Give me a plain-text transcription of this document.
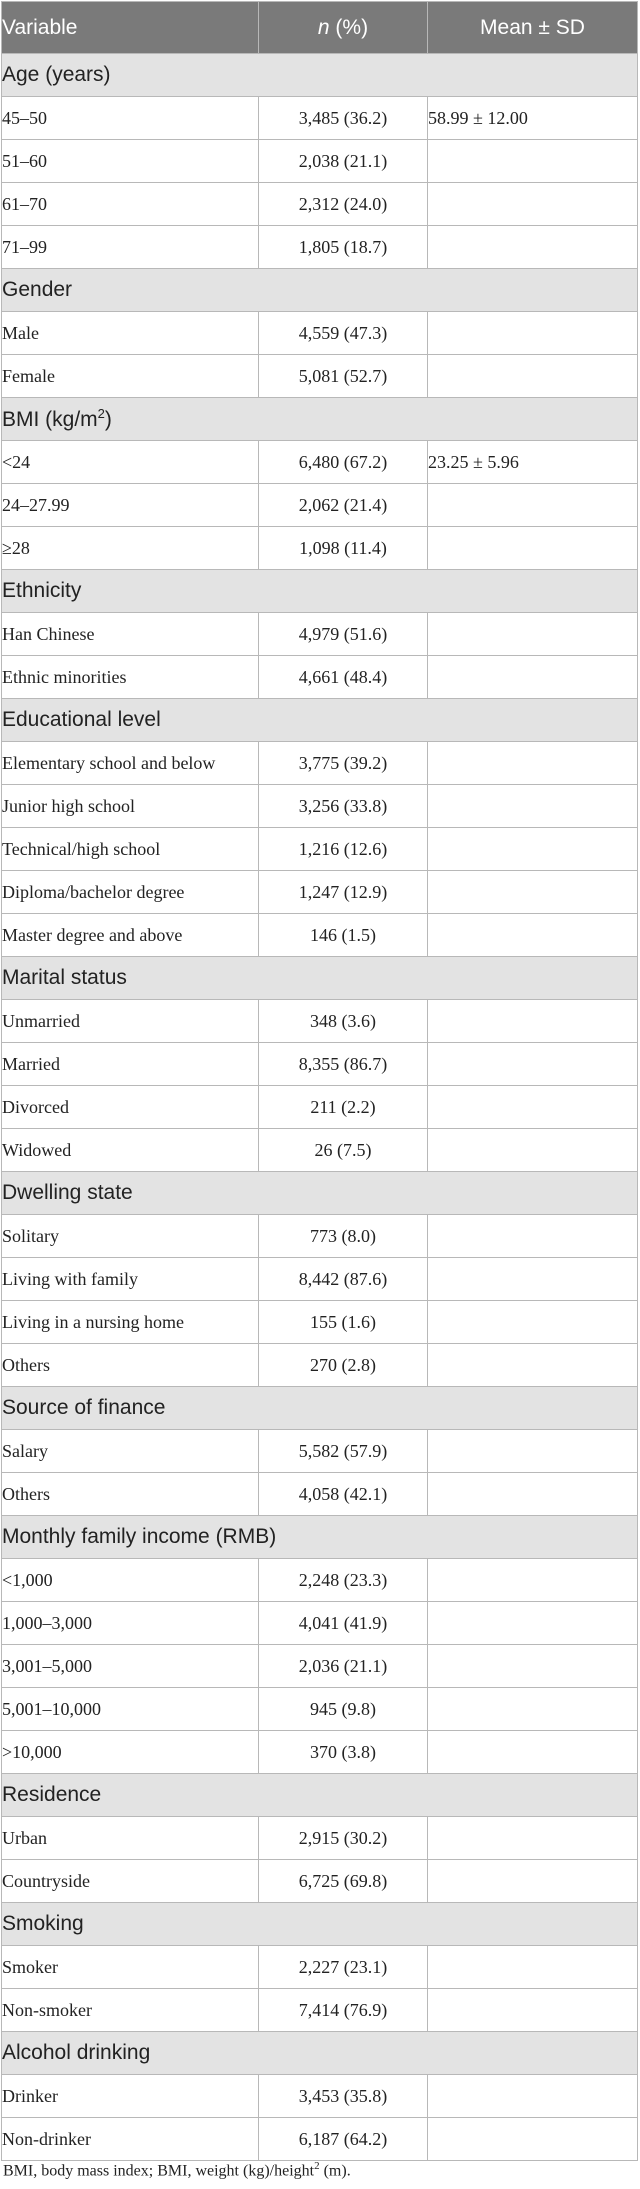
Variable	n (%)	Mean ± SD
Age (years)		
45–50	3,485 (36.2)	58.99 ± 12.00
51–60	2,038 (21.1)	
61–70	2,312 (24.0)	
71–99	1,805 (18.7)	
Gender		
Male	4,559 (47.3)	
Female	5,081 (52.7)	
BMI $(kg/m^2)$		
<24	6,480 (67.2)	23.25 ± 5.96
24–27.99	2,062 (21.4)	
≥28	1,098 (11.4)	
Ethnicity		
Han Chinese	4,979 (51.6)	
Ethnic minorities	4,661 (48.4)	
Educational level		
Elementary school and below	3,775 (39.2)	
Junior high school	3,256 (33.8)	
Technical/high school	1,216 (12.6)	
Diploma/bachelor degree	1,247 (12.9)	
Master degree and above	146 (1.5)	
Marital status		
Unmarried	348 (3.6)	
Married	8,355 (86.7)	
Divorced	211 (2.2)	
Widowed	26 (7.5)	
Dwelling state		
Solitary	773 (8.0)	
Living with family	8,442 (87.6)	
Living in a nursing home	155 (1.6)	
Others	270 (2.8)	
Source of finance		
Salary	5,582 (57.9)	
Others	4,058 (42.1)	
Monthly family income (RMB)		
<1,000	2,248 (23.3)	
1,000–3,000	4,041 (41.9)	
3,001–5,000	2,036 (21.1)	
5,001–10,000	945 (9.8)	
>10,000	370 (3.8)	
Residence		
Urban	2,915 (30.2)	
Countryside	6,725 (69.8)	
Smoking		
Smoker	2,227 (23.1)	
Non-smoker	7,414 (76.9)	
Alcohol drinking		
Drinker	3,453 (35.8)	
Non-drinker	6,187 (64.2)	
BMI, body mass index; BMI, weight (kg)/height$^2$ (m).
